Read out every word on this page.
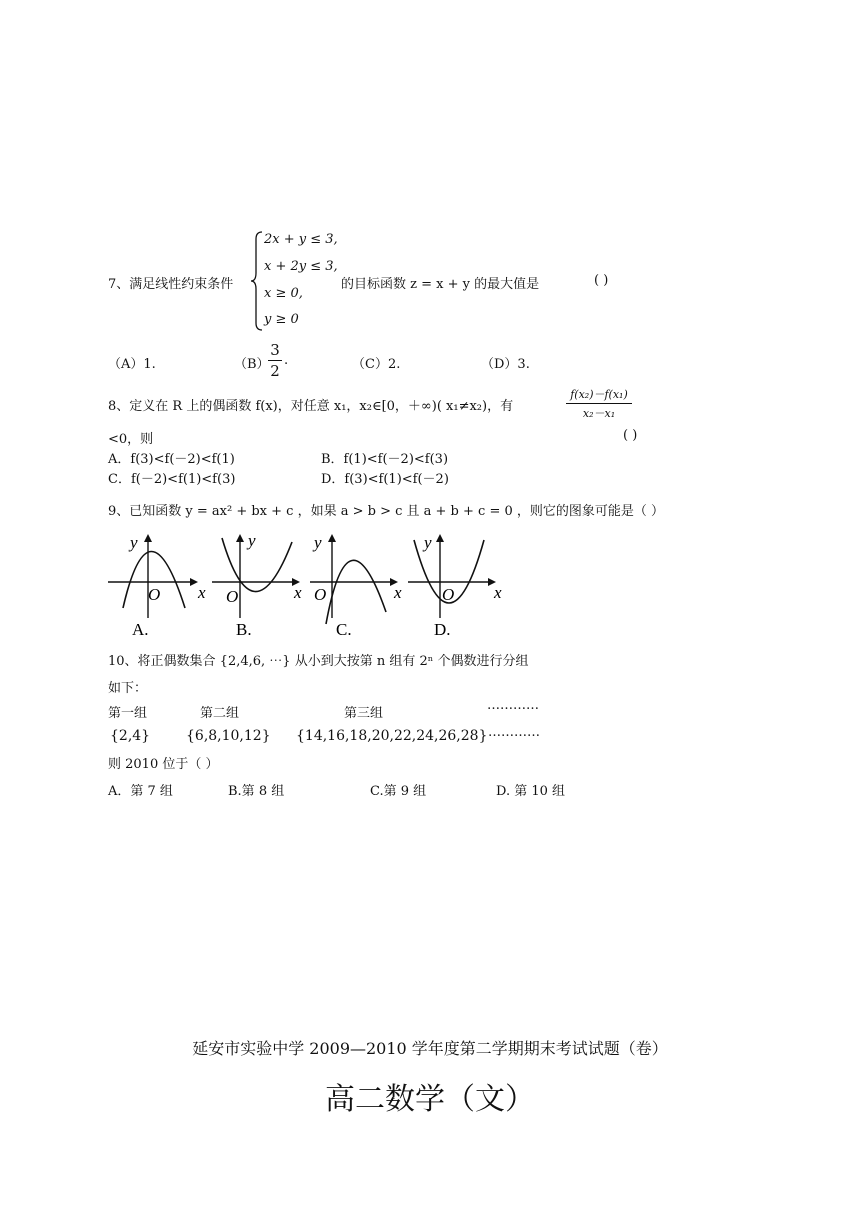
7、满足线性约束条件
2x + y ≤ 3,
x + 2y ≤ 3,
x ≥ 0,
y ≥ 0
的目标函数 z = x + y 的最大值是	( )
（A）1.	（B）
3
2
.	（C）2.	（D）3.
8、定义在 R 上的偶函数 f(x)，对任意 x₁，x₂∈[0，＋∞)( x₁≠x₂)，有
f(x₂)－f(x₁)
x₂－x₁
<0，则	( )
A．f(3)<f(－2)<f(1)	B．f(1)<f(－2)<f(3)
C．f(－2)<f(1)<f(3)	D．f(3)<f(1)<f(－2)
9、已知函数 y = ax² + bx + c ，如果 a > b > c 且 a + b + c = 0 ，则它的图象可能是（ ）
y
x
O
A.
y
x
O
B.
y
x
O
C.
y
x
O
D.
10、将正偶数集合 {2,4,6, ⋯} 从小到大按第 n 组有 2ⁿ 个偶数进行分组
如下：
第一组	第二组	第三组
…………
{2,4}	{6,8,10,12} {14,16,18,20,22,24,26,28} …………
则 2010 位于（ ）
A．第 7 组	B.第 8 组	C.第 9 组	D. 第 10 组
延安市实验中学 2009—2010 学年度第二学期期末考试试题（卷）
高二数学（文）
